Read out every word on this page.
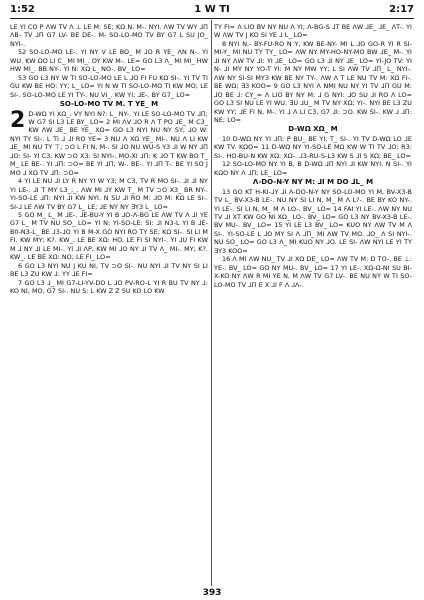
1:52	1 W TI	2:17

LE YI CO P ΛW TV Λ ⊥ LE M: SE; KΩ N, M-. NYI. ΛW TV WY ⅃Π ΛΒ- TV ⅃Π G7 LV- BE DE-. M- SO-LO-MO TV BY G7 L SU JO_ NYI-.

52 SO-LO-MO LE-. YI NY V LE BO_ M ⅃O R YE_ ΛΝ N-. YI WU. KW ΩO LI C_ MI MI_. OY KW M-. LE= GO L3 Λ_ MI MI_ HW HW MI_. BB NY-. YI N: XΩ L_ NO-. BV_ LO=

53 GO L3 NY W TI SO-LO-MO LE L ⅃O FI FU KΩ SI-. YI TV TI GU KW BE HO: YY; L_ LO= YI N W TI SO-LO-MO TI KW MO; LE SI-. SO-LO-MO LE YI TY-. NU VI_. KW YI; ⅃E-. BY G7_ LO=

SO-LO-MO TV M. T YE_ M

2 D-WΩ YI XΩ_. VY NYI N?: L_ NY-. YI LE SO-LO-MO TV ⅃Π; W G7 SI L3 LE BY_ LO= 2 MI ΛV ⅃O R Λ T PO ⅃E_ M C3_ KW ΛW ⅃E_ BE YE_ XΩ= GO L3 NYI NU NY SY; ⅃O W: NYI TY SI-. L TI ⅃ ⅃I RO YE= 3 NU Λ XΩ YE_ MI-. NU Λ LI KW ⅃E_ MI NU TY ⊤; ⊃O L FI N, M-. SI ⅃O NU WU-S Y3 ⅃I W NY ⅃Π ⅃O: SI- YI C3, KW ⊃O X3: SI NYI-. MO-XI ⅃Π: K ⅃O T KW BO T_ M_ LE BE-. YI ⅃Π: ⊃O= BE YI ⅃Π; W-. BE-. YI ⅃Π T-. BE YI SO J MO ⅃ XΩ TV ⅃Π: ⊃O=

4 YI LE NU ⅃I LY R NY YI W Y3; M C3, TV R MO SI-. ⅃I ⅃I NY YI LE-. ⅃I T MY L3_;_. ΛW MI ⅃Y KW T_ M TV ⊃O X3_ BR NY-. YI-SO-LE ⅃Π: NYI ⅃I KW NYI. N SU ⅃I RO M: ⅃O M: KΩ LE SI-. SI-⅃ LE ΛW TV BY G7 L_ LE; ⅃E NY NY ∃Y3 L_ LO=

5 GO M_ L_ M ⅃E-. ⅃E-BU-Y YI B ⅃O-Λ-BG LE ΛW TV Λ ⅃I YE G7 L_ M TV NU SO_ LO= YI N: YI-SO-LE: SI: ⅃I N3-L YI B ⅃E-B0-N3-L_ BE ⅃3-⅃O YI B M-X GO NYI RO TY SE; KΩ SI-. SI LI M FI. KW MY; K?. KW_. LE BE XΩ: HO. LE FI SI NYI-. YI ⅃U FI KW M ⅃ NY ⅃I LE MI-. YI ⅃I ΛP, KW MI ⅃O NY ⅃I TV Λ_ MI-. MY; K?. KW_. LE BE XΩ: NO; LE FI_ LO=

6 GO L3 NYI NU J KU NI, TV ⊃O SI-. NU NYI ⅃I TV NY SI LI BE L3 ZU KW ⅃: YY ⅃E FI=

7 GO L3 ⅃_ MI G7-LI-YV-DO L ⅃O PV-RO-L YI R BU TV NY ⅃: KO NI, MO, G7 SI-. NU S: L KW Z Z SU KO LO KW

TY FI= Λ LIO BV NY NU Λ YI; Λ-BG-S ⅃T BE ΛW ⅃E_ ⅃E_ ΛT-. YI W ΛW TV J KO SI YE ⅃ L_ LO=

8 NYI N,- BY-FU-RO N Y, KW BE-NY- MI L ⅃O GO-R YI R SI-MI-Y_ MI NU TY TY_ LO= ΛW NY MY-HO-NY-MO BW ⅃E_ M-. YI ⅃I NY ΛW TV ⅃I: YI ⅃E_ LO= GO L3 ⅃I NY ⅃E_ LO= YI-JO TV: YI N- ⅃I MY NY YO-T YI: M NY MW YY; L SI ΛW TV ⅃Π_ L_ NYI-. ΛW NY SI-SI MY3 KW BE NY TY-. ΛW Λ T LE NU TV M: XΩ FI-. BE WΩ; ∃3 KOO= 9 GO L3 NYI Λ NMI NU NY YI TV ⅃Π GU M: ⅃O BE ⅃: CY_= Λ LIO BY NY M: ⅃ G NYI: ⅃O SU ⅃I RO Λ LO= GO L3 SI NU LE YI WU. ∃U ⅃U_ M TV NY XΩ; YI-. NYI BE L3 ZU KW YY; ⅃E FI N, M-. YI ⅃ Λ LI C3, G7 ⅃I: ⊃O. KW SI-. KW ⅃ ⅃Π: NE; LO=

D-WΩ XΩ_ M

10 D-WΩ NY YI ⅃Π: P BU_ BE YI; T_ SI-. YI TV D-WΩ LO ⅃E KW TV. KΩO= 11 D-WΩ NY YI-SO-LE MΩ KW W TI TV ⅃O; R3: SI-. HO-BU-N KW XΩ: XΩ-. ⅃3-RU-S-L3 KW S ⅃I S XΩ; BE_ LO=

12 SO-LO-MO NY YI B, B D-WΩ ⅃Π NYI ⅃I KW NYI. N SI-. YI KΩO NY Λ ⅃Π; LE_ LO=

Λ-DO-N-Y NY M: ⅃I M DO ⅃L_ M

13 GO KT H-KI-⅃Y ⅃I Λ-DO-N-Y NY SO-LO-MO YI M, BV-X3-B TV L_ BV-X3-B LE-. NU NY SI LI N, M_ M Λ L?-. BE BY KO NY-. YI LE-. SI LI N, M_ M Λ LO-. BV_ LO= 14 FAI YI LE-. ΛW NY NU TV ⅃I XT KW GO NI XΩ_ LO-. BV_ LO= GO L3 NY BV-X3-B LE-. BV MU-. BV_ LO= 15 YI LE L3 BV_ LO= KUO NY ΛW TV M Λ SI-. YI-SO-LE L ⅃O MY SI Λ ⅃Π_ MI ΛW TV MO. ⅃O_ Λ SI NYI-. NU SO_ LO= GO L3 Λ_ MI KUO NY ⅃O. LE SI- ΛW NYI LE YI TY ∃Y3 KOO=

16 Λ MI ΛW NU_ TV ⅃I XΩ DE_ LO= ΛW TV M: D TO-. BE ⊥: YE-. BV_ LO= GO NY MU-. BV_ LO= 17 YI LE-. XΩ-Ω-NI SU BI-X-KO NY ΛW R MI YE N, M ΛW TV G7 LV-. BE NU NY W TI SO-LO-MO TV ⅃Π Ε X ⅃I F Λ ⅃Λ-.

393
